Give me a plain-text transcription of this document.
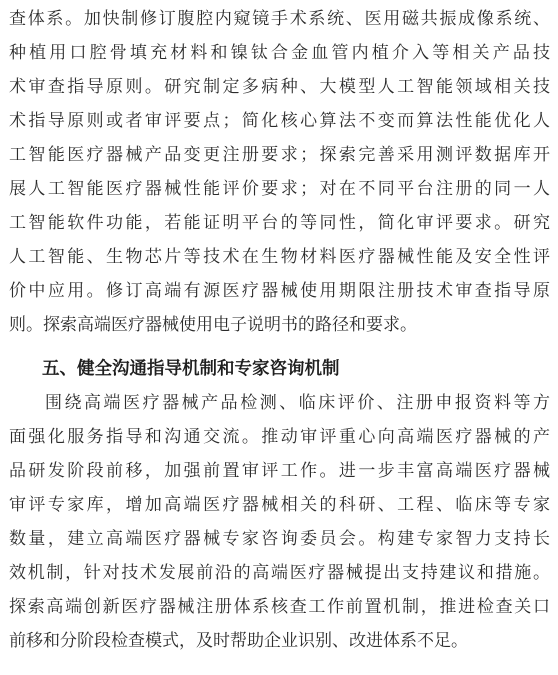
查体系。加快制修订腹腔内窥镜手术系统、医用磁共振成像系统、
种植用口腔骨填充材料和镍钛合金血管内植介入等相关产品技
术审查指导原则。研究制定多病种、大模型人工智能领域相关技
术指导原则或者审评要点；简化核心算法不变而算法性能优化人
工智能医疗器械产品变更注册要求；探索完善采用测评数据库开
展人工智能医疗器械性能评价要求；对在不同平台注册的同一人
工智能软件功能，若能证明平台的等同性，简化审评要求。研究
人工智能、生物芯片等技术在生物材料医疗器械性能及安全性评
价中应用。修订高端有源医疗器械使用期限注册技术审查指导原
则。探索高端医疗器械使用电子说明书的路径和要求。
五、健全沟通指导机制和专家咨询机制
围绕高端医疗器械产品检测、临床评价、注册申报资料等方
面强化服务指导和沟通交流。推动审评重心向高端医疗器械的产
品研发阶段前移，加强前置审评工作。进一步丰富高端医疗器械
审评专家库，增加高端医疗器械相关的科研、工程、临床等专家
数量，建立高端医疗器械专家咨询委员会。构建专家智力支持长
效机制，针对技术发展前沿的高端医疗器械提出支持建议和措施。
探索高端创新医疗器械注册体系核查工作前置机制，推进检查关口
前移和分阶段检查模式，及时帮助企业识别、改进体系不足。
